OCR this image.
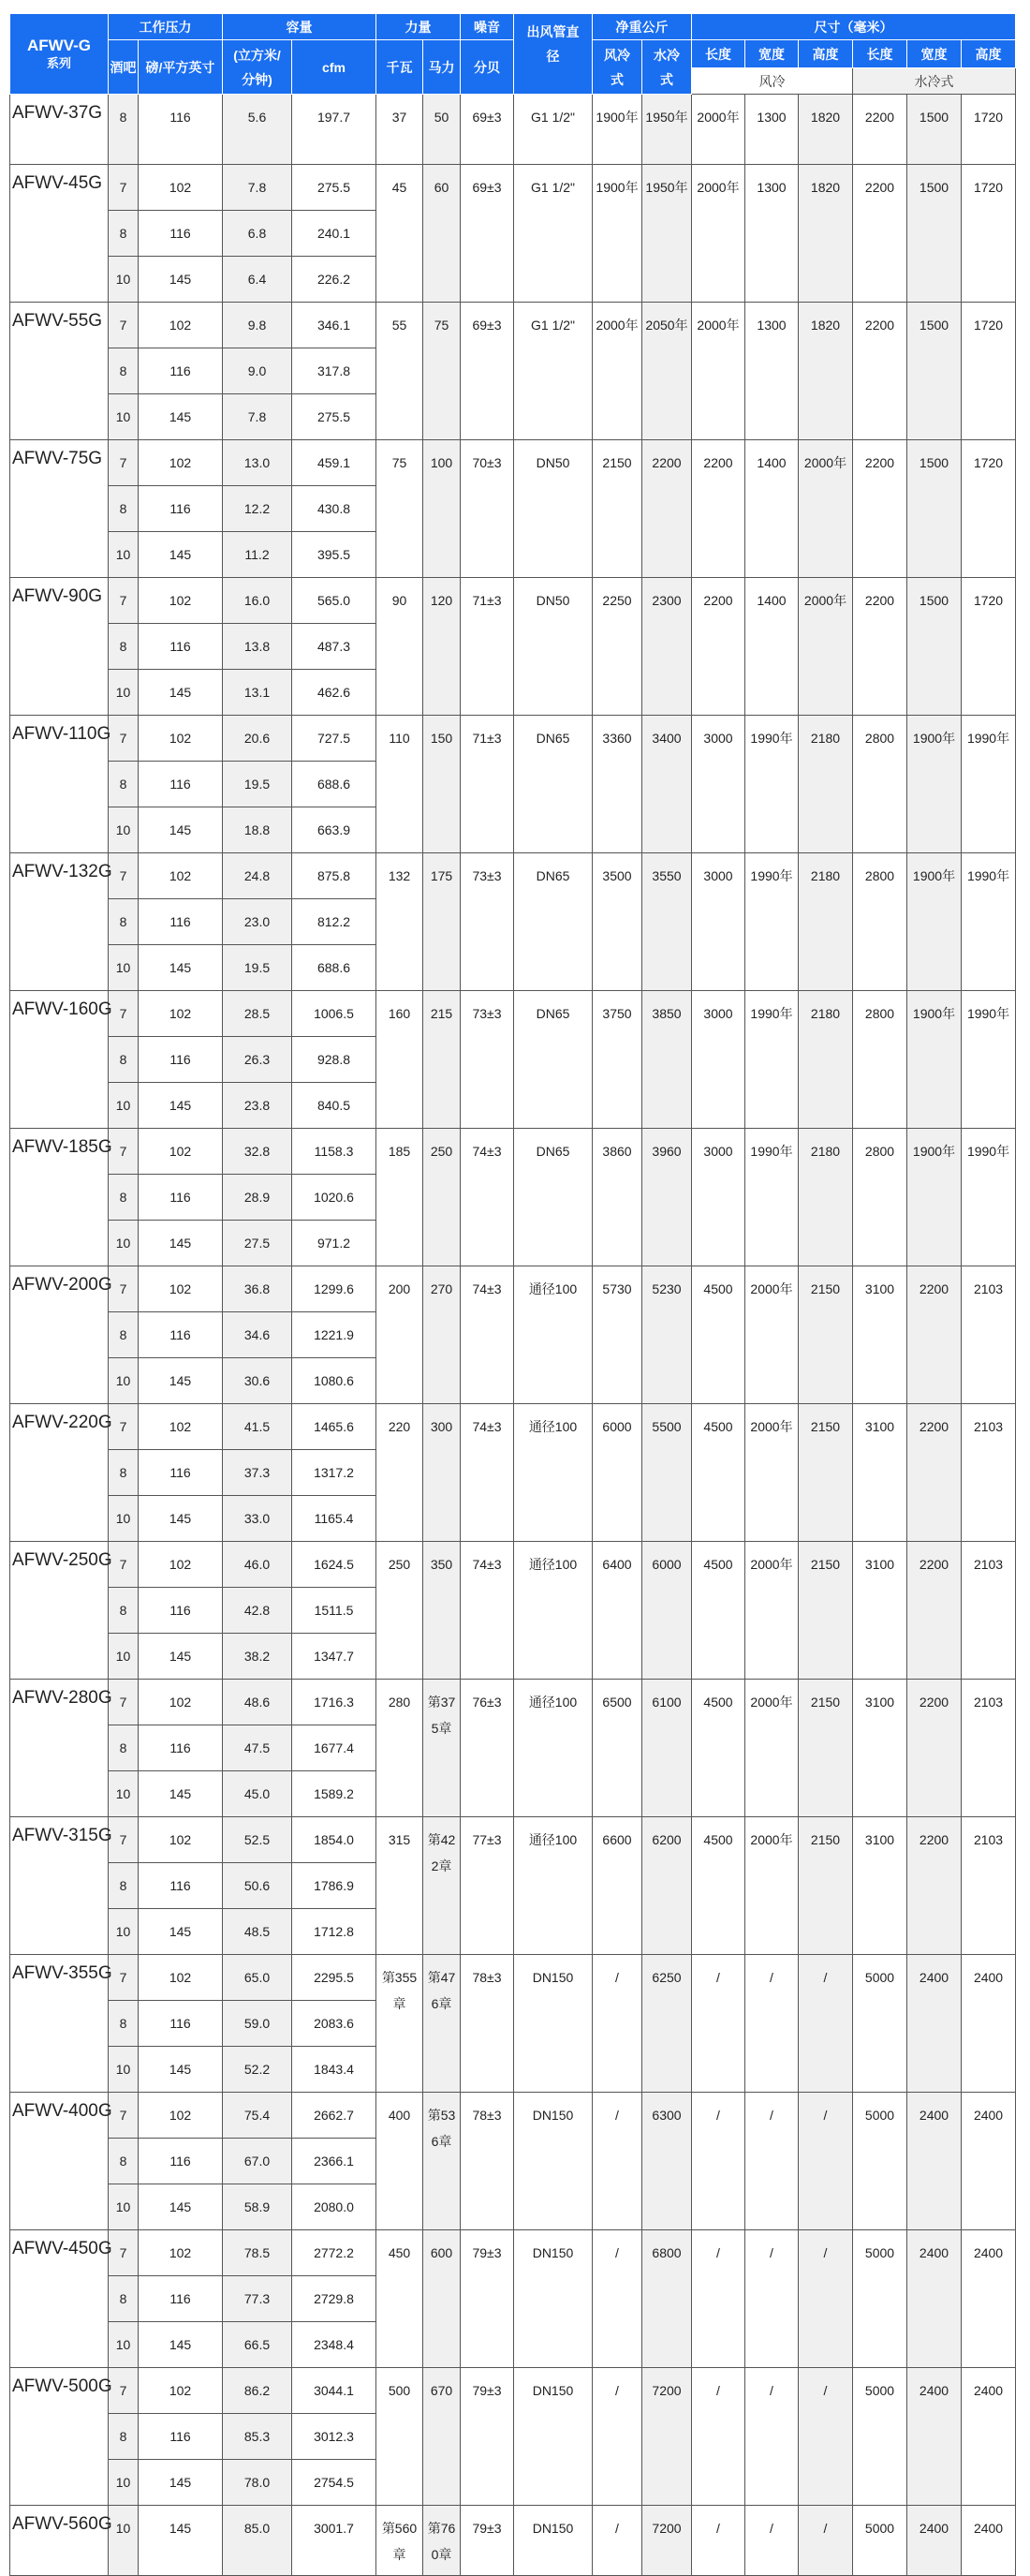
AFWV-G
系列	工作压力		容量		力量		噪音	出风管直径	净重公斤		尺寸（毫米）					
	酒吧	磅/平方英寸	(立方米/分钟)	cfm	千瓦	马力	分贝		风冷式	水冷式	长度	宽度	高度	长度	宽度	高度
											风冷			水冷式		
AFWV-37G	8	116	5.6	197.7	37	50	69±3	G1 1/2"	1900年	1950年	2000年	1300	1820	2200	1500	1720
AFWV-45G	7	102	7.8	275.5	45	60	69±3	G1 1/2"	1900年	1950年	2000年	1300	1820	2200	1500	1720
	8	116	6.8	240.1												
	10	145	6.4	226.2												
AFWV-55G	7	102	9.8	346.1	55	75	69±3	G1 1/2"	2000年	2050年	2000年	1300	1820	2200	1500	1720
	8	116	9.0	317.8												
	10	145	7.8	275.5												
AFWV-75G	7	102	13.0	459.1	75	100	70±3	DN50	2150	2200	2200	1400	2000年	2200	1500	1720
	8	116	12.2	430.8												
	10	145	11.2	395.5												
AFWV-90G	7	102	16.0	565.0	90	120	71±3	DN50	2250	2300	2200	1400	2000年	2200	1500	1720
	8	116	13.8	487.3												
	10	145	13.1	462.6												
AFWV-110G	7	102	20.6	727.5	110	150	71±3	DN65	3360	3400	3000	1990年	2180	2800	1900年	1990年
	8	116	19.5	688.6												
	10	145	18.8	663.9												
AFWV-132G	7	102	24.8	875.8	132	175	73±3	DN65	3500	3550	3000	1990年	2180	2800	1900年	1990年
	8	116	23.0	812.2												
	10	145	19.5	688.6												
AFWV-160G	7	102	28.5	1006.5	160	215	73±3	DN65	3750	3850	3000	1990年	2180	2800	1900年	1990年
	8	116	26.3	928.8												
	10	145	23.8	840.5												
AFWV-185G	7	102	32.8	1158.3	185	250	74±3	DN65	3860	3960	3000	1990年	2180	2800	1900年	1990年
	8	116	28.9	1020.6												
	10	145	27.5	971.2												
AFWV-200G	7	102	36.8	1299.6	200	270	74±3	通径100	5730	5230	4500	2000年	2150	3100	2200	2103
	8	116	34.6	1221.9												
	10	145	30.6	1080.6												
AFWV-220G	7	102	41.5	1465.6	220	300	74±3	通径100	6000	5500	4500	2000年	2150	3100	2200	2103
	8	116	37.3	1317.2												
	10	145	33.0	1165.4												
AFWV-250G	7	102	46.0	1624.5	250	350	74±3	通径100	6400	6000	4500	2000年	2150	3100	2200	2103
	8	116	42.8	1511.5												
	10	145	38.2	1347.7												
AFWV-280G	7	102	48.6	1716.3	280	第375章	76±3	通径100	6500	6100	4500	2000年	2150	3100	2200	2103
	8	116	47.5	1677.4												
	10	145	45.0	1589.2												
AFWV-315G	7	102	52.5	1854.0	315	第422章	77±3	通径100	6600	6200	4500	2000年	2150	3100	2200	2103
	8	116	50.6	1786.9												
	10	145	48.5	1712.8												
AFWV-355G	7	102	65.0	2295.5	第355章	第476章	78±3	DN150	/	6250	/	/	/	5000	2400	2400
	8	116	59.0	2083.6												
	10	145	52.2	1843.4												
AFWV-400G	7	102	75.4	2662.7	400	第536章	78±3	DN150	/	6300	/	/	/	5000	2400	2400
	8	116	67.0	2366.1												
	10	145	58.9	2080.0												
AFWV-450G	7	102	78.5	2772.2	450	600	79±3	DN150	/	6800	/	/	/	5000	2400	2400
	8	116	77.3	2729.8												
	10	145	66.5	2348.4												
AFWV-500G	7	102	86.2	3044.1	500	670	79±3	DN150	/	7200	/	/	/	5000	2400	2400
	8	116	85.3	3012.3												
	10	145	78.0	2754.5												
AFWV-560G	10	145	85.0	3001.7	第560章	第760章	79±3	DN150	/	7200	/	/	/	5000	2400	2400
